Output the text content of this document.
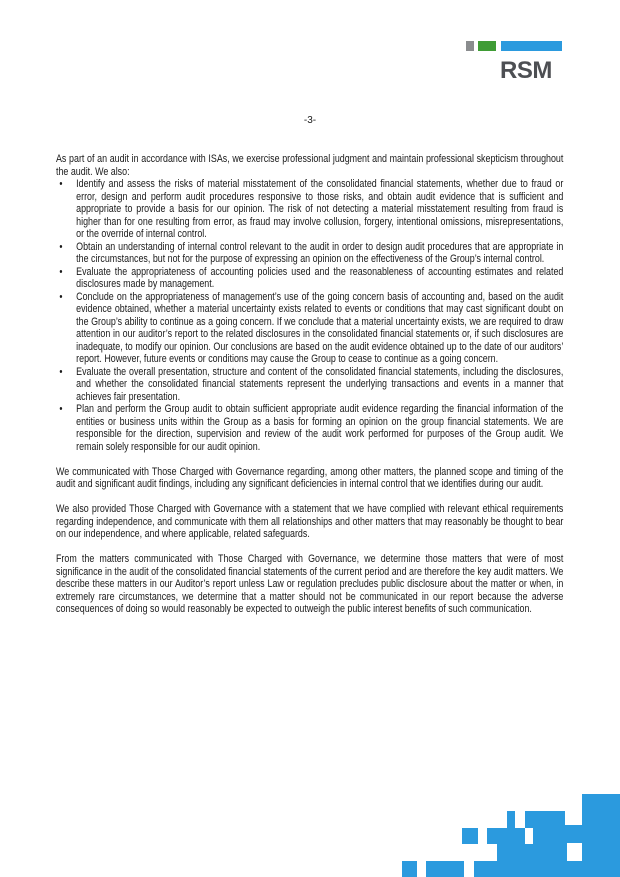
RSM
-3-

As part of an audit in accordance with ISAs, we exercise professional judgment and maintain professional skepticism throughout the audit. We also:

• Identify and assess the risks of material misstatement of the consolidated financial statements, whether due to fraud or error, design and perform audit procedures responsive to those risks, and obtain audit evidence that is sufficient and appropriate to provide a basis for our opinion. The risk of not detecting a material misstatement resulting from fraud is higher than for one resulting from error, as fraud may involve collusion, forgery, intentional omissions, misrepresentations, or the override of internal control.
• Obtain an understanding of internal control relevant to the audit in order to design audit procedures that are appropriate in the circumstances, but not for the purpose of expressing an opinion on the effectiveness of the Group’s internal control.
• Evaluate the appropriateness of accounting policies used and the reasonableness of accounting estimates and related disclosures made by management.
• Conclude on the appropriateness of management’s use of the going concern basis of accounting and, based on the audit evidence obtained, whether a material uncertainty exists related to events or conditions that may cast significant doubt on the Group’s ability to continue as a going concern. If we conclude that a material uncertainty exists, we are required to draw attention in our auditor’s report to the related disclosures in the consolidated financial statements or, if such disclosures are inadequate, to modify our opinion. Our conclusions are based on the audit evidence obtained up to the date of our auditors’ report. However, future events or conditions may cause the Group to cease to continue as a going concern.
• Evaluate the overall presentation, structure and content of the consolidated financial statements, including the disclosures, and whether the consolidated financial statements represent the underlying transactions and events in a manner that achieves fair presentation.
• Plan and perform the Group audit to obtain sufficient appropriate audit evidence regarding the financial information of the entities or business units within the Group as a basis for forming an opinion on the group financial statements. We are responsible for the direction, supervision and review of the audit work performed for purposes of the Group audit. We remain solely responsible for our audit opinion.

We communicated with Those Charged with Governance regarding, among other matters, the planned scope and timing of the audit and significant audit findings, including any significant deficiencies in internal control that we identifies during our audit.

We also provided Those Charged with Governance with a statement that we have complied with relevant ethical requirements regarding independence, and communicate with them all relationships and other matters that may reasonably be thought to bear on our independence, and where applicable, related safeguards.

From the matters communicated with Those Charged with Governance, we determine those matters that were of most significance in the audit of the consolidated financial statements of the current period and are therefore the key audit matters. We describe these matters in our Auditor’s report unless Law or regulation precludes public disclosure about the matter or when, in extremely rare circumstances, we determine that a matter should not be communicated in our report because the adverse consequences of doing so would reasonably be expected to outweigh the public interest benefits of such communication.
